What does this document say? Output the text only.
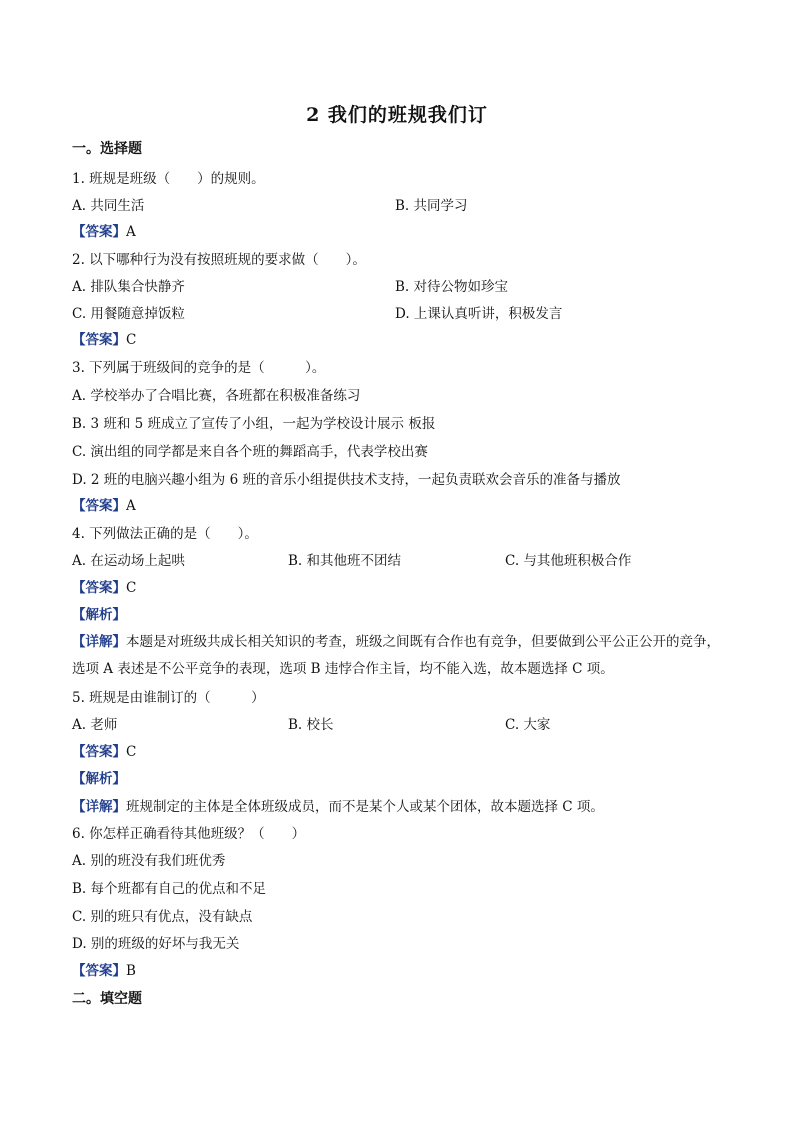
2 我们的班规我们订
一。选择题
1. 班规是班级（　　）的规则。
A. 共同生活	B. 共同学习
【答案】A
2. 以下哪种行为没有按照班规的要求做（　　）。
A. 排队集合快静齐	B. 对待公物如珍宝
C. 用餐随意掉饭粒	D. 上课认真听讲，积极发言
【答案】C
3. 下列属于班级间的竞争的是（　　　）。
A. 学校举办了合唱比赛，各班都在积极准备练习
B. 3 班和 5 班成立了宣传了小组，一起为学校设计展示 板报
C. 演出组的同学都是来自各个班的舞蹈高手，代表学校出赛
D. 2 班的电脑兴趣小组为 6 班的音乐小组提供技术支持，一起负责联欢会音乐的准备与播放
【答案】A
4. 下列做法正确的是（　　）。
A. 在运动场上起哄	B. 和其他班不团结	C. 与其他班积极合作
【答案】C
【解析】
【详解】本题是对班级共成长相关知识的考查，班级之间既有合作也有竞争，但要做到公平公正公开的竞争，选项 A 表述是不公平竞争的表现，选项 B 违悖合作主旨，均不能入选，故本题选择 C 项。
5. 班规是由谁制订的（　　　）
A. 老师	B. 校长	C. 大家
【答案】C
【解析】
【详解】班规制定的主体是全体班级成员，而不是某个人或某个团体，故本题选择 C 项。
6. 你怎样正确看待其他班级？（　　）
A. 别的班没有我们班优秀
B. 每个班都有自己的优点和不足
C. 别的班只有优点，没有缺点
D. 别的班级的好坏与我无关
【答案】B
二。填空题
